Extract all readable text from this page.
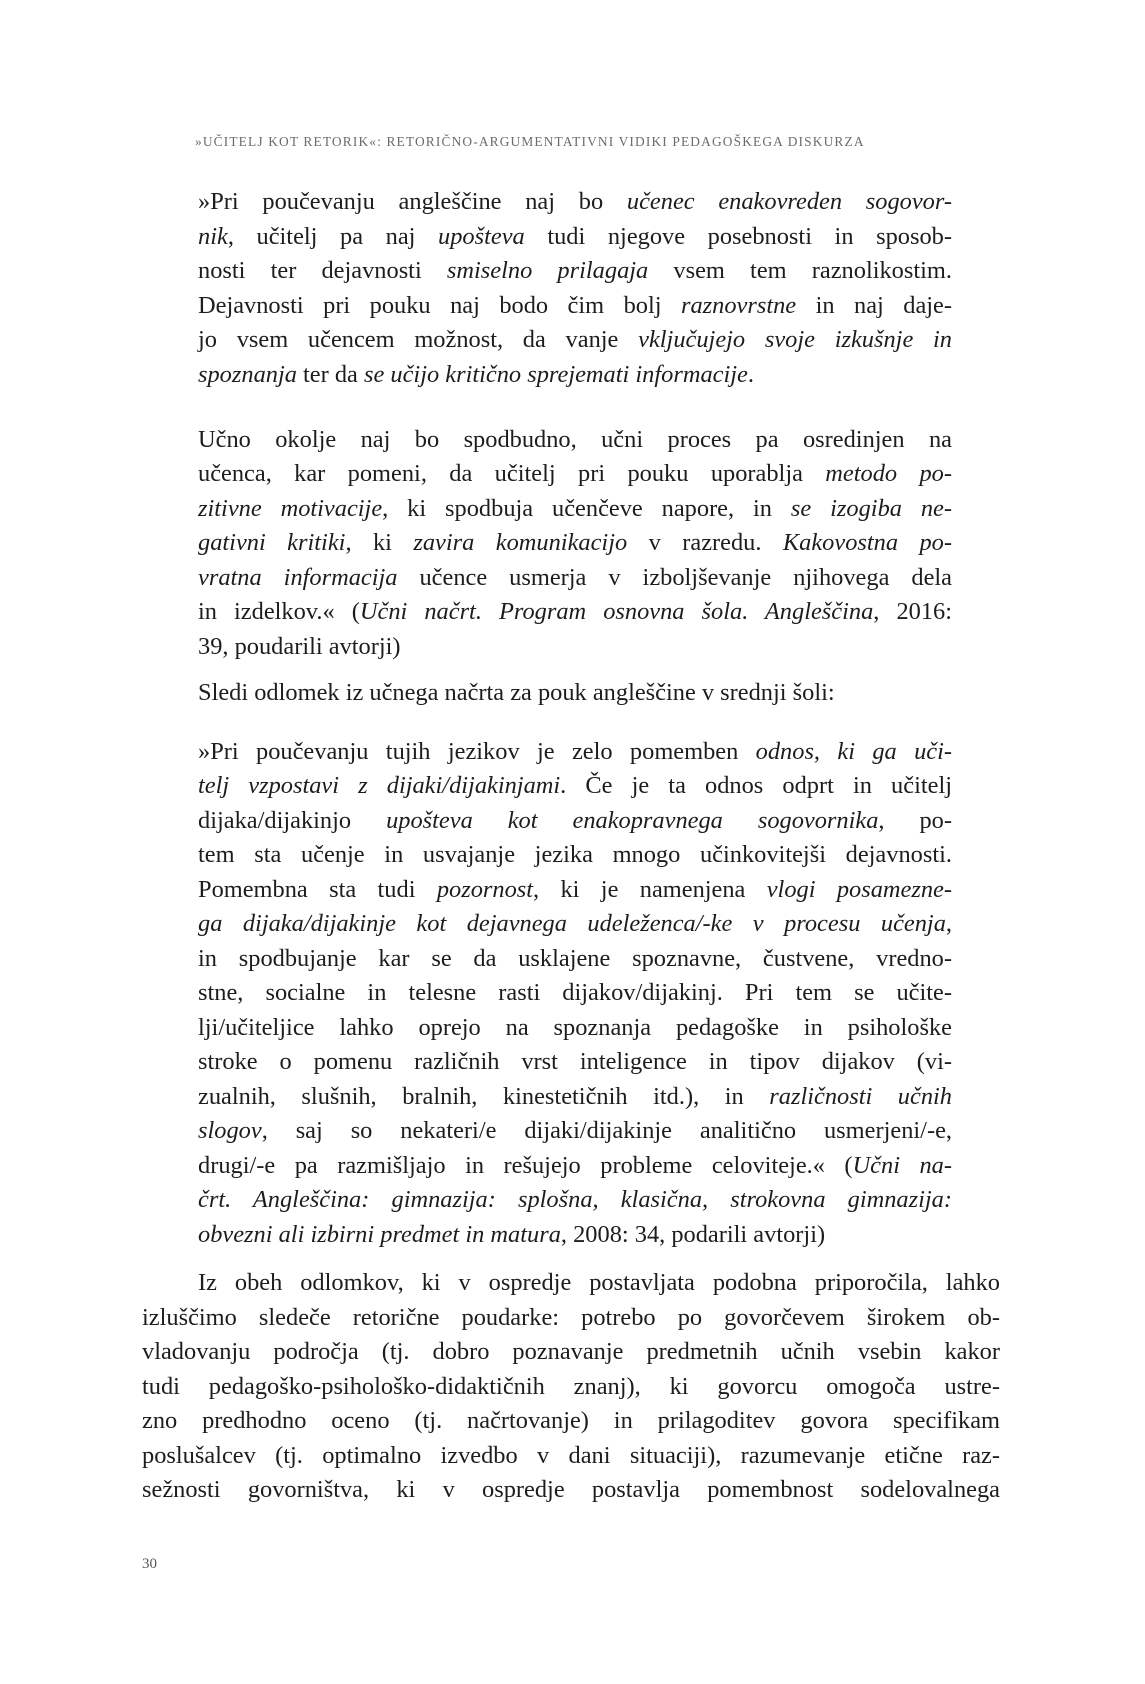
»UČITELJ KOT RETORIK«: RETORIČNO-ARGUMENTATIVNI VIDIKI PEDAGOŠKEGA DISKURZA
»Pri poučevanju angleščine naj bo učenec enakovreden sogovor-
nik, učitelj pa naj upošteva tudi njegove posebnosti in sposob-
nosti ter dejavnosti smiselno prilagaja vsem tem raznolikostim.
Dejavnosti pri pouku naj bodo čim bolj raznovrstne in naj daje-
jo vsem učencem možnost, da vanje vključujejo svoje izkušnje in
spoznanja ter da se učijo kritično sprejemati informacije.
Učno okolje naj bo spodbudno, učni proces pa osredinjen na
učenca, kar pomeni, da učitelj pri pouku uporablja metodo po-
zitivne motivacije, ki spodbuja učenčeve napore, in se izogiba ne-
gativni kritiki, ki zavira komunikacijo v razredu. Kakovostna po-
vratna informacija učence usmerja v izboljševanje njihovega dela
in izdelkov.« (Učni načrt. Program osnovna šola. Angleščina, 2016:
39, poudarili avtorji)
Sledi odlomek iz učnega načrta za pouk angleščine v srednji šoli:
»Pri poučevanju tujih jezikov je zelo pomemben odnos, ki ga uči-
telj vzpostavi z dijaki/dijakinjami. Če je ta odnos odprt in učitelj
dijaka/dijakinjo upošteva kot enakopravnega sogovornika, po-
tem sta učenje in usvajanje jezika mnogo učinkovitejši dejavnosti.
Pomembna sta tudi pozornost, ki je namenjena vlogi posamezne-
ga dijaka/dijakinje kot dejavnega udeleženca/-ke v procesu učenja,
in spodbujanje kar se da usklajene spoznavne, čustvene, vredno-
stne, socialne in telesne rasti dijakov/dijakinj. Pri tem se učite-
lji/učiteljice lahko oprejo na spoznanja pedagoške in psihološke
stroke o pomenu različnih vrst inteligence in tipov dijakov (vi-
zualnih, slušnih, bralnih, kinestetičnih itd.), in različnosti učnih
slogov, saj so nekateri/e dijaki/dijakinje analitično usmerjeni/-e,
drugi/-e pa razmišljajo in rešujejo probleme celoviteje.« (Učni na-
črt. Angleščina: gimnazija: splošna, klasična, strokovna gimnazija:
obvezni ali izbirni predmet in matura, 2008: 34, podarili avtorji)
Iz obeh odlomkov, ki v ospredje postavljata podobna priporočila, lahko
izluščimo sledeče retorične poudarke: potrebo po govorčevem širokem ob-
vladovanju področja (tj. dobro poznavanje predmetnih učnih vsebin kakor
tudi pedagoško-psihološko-didaktičnih znanj), ki govorcu omogoča ustre-
zno predhodno oceno (tj. načrtovanje) in prilagoditev govora specifikam
poslušalcev (tj. optimalno izvedbo v dani situaciji), razumevanje etične raz-
sežnosti govorništva, ki v ospredje postavlja pomembnost sodelovalnega
30
